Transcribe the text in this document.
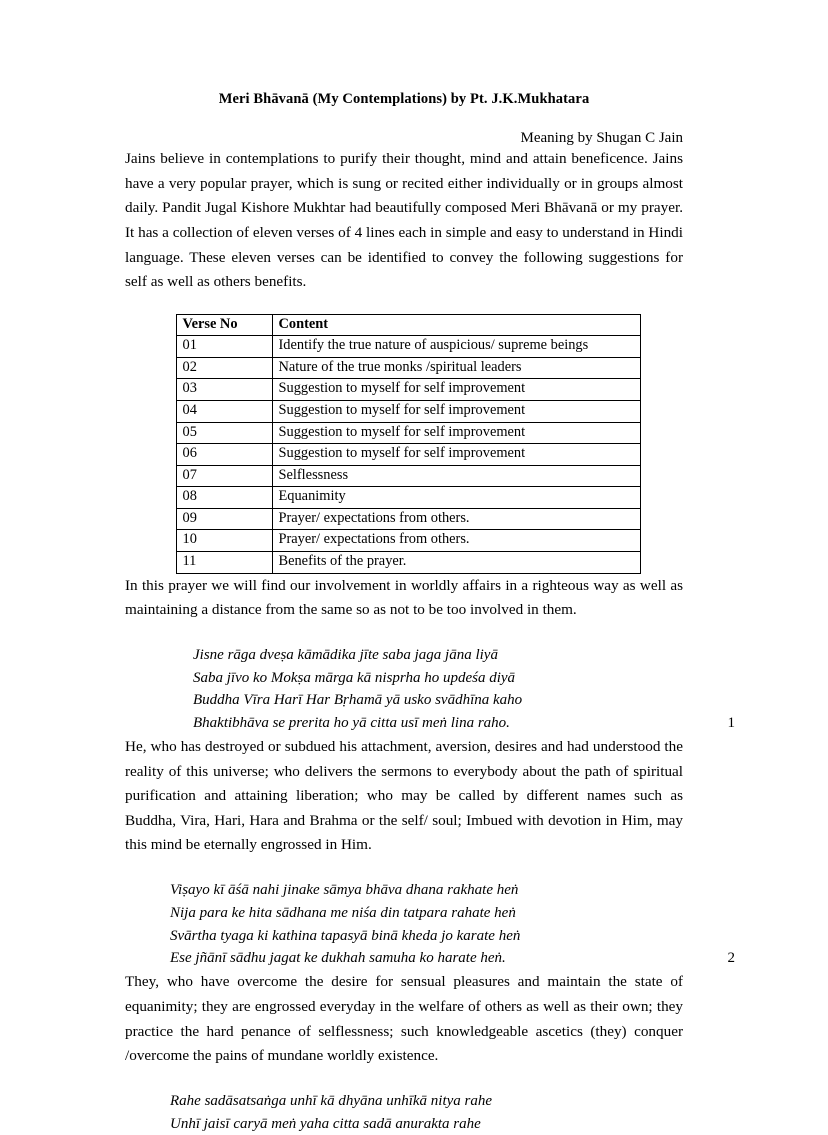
Meri Bhāvanā (My Contemplations) by Pt. J.K.Mukhatara
Meaning by Shugan C Jain

Jains believe in contemplations to purify their thought, mind and attain beneficence. Jains have a very popular prayer, which is sung or recited either individually or in groups almost daily. Pandit Jugal Kishore Mukhtar had beautifully composed Meri Bhāvanā or my prayer. It has a collection of eleven verses of 4 lines each in simple and easy to understand in Hindi language. These eleven verses can be identified to convey the following suggestions for self as well as others benefits.

Verse No	Content
01	Identify the true nature of auspicious/ supreme beings
02	Nature of the true monks /spiritual leaders
03	Suggestion to myself for self improvement
04	Suggestion to myself for self improvement
05	Suggestion to myself for self improvement
06	Suggestion to myself for self improvement
07	Selflessness
08	Equanimity
09	Prayer/ expectations from others.
10	Prayer/ expectations from others.
11	Benefits of the prayer.

In this prayer we will find our involvement in worldly affairs in a righteous way as well as maintaining a distance from the same so as not to be too involved in them.

Jisne rāga dveṣa kāmādika jīte saba jaga jāna liyā
Saba jīvo ko Mokṣa mārga kā nisprha ho updeśa diyā
Buddha Vīra Harī Har Bṛhamā yā usko svādhīna kaho
Bhaktibhāva se prerita ho yā citta usī meṅ lina raho.	1

He, who has destroyed or subdued his attachment, aversion, desires and had understood the reality of this universe; who delivers the sermons to everybody about the path of spiritual purification and attaining liberation; who may be called by different names such as Buddha, Vira, Hari, Hara and Brahma or the self/ soul; Imbued with devotion in Him, may this mind be eternally engrossed in Him.

Viṣayo kī āśā nahi jinake sāmya bhāva dhana rakhate heṅ
Nija para ke hita sādhana me niśa din tatpara rahate heṅ
Svārtha tyaga ki kathina tapasyā binā kheda jo karate heṅ
Ese jñānī sādhu jagat ke dukhah samuha ko harate heṅ.	2

They, who have overcome the desire for sensual pleasures and maintain the state of equanimity; they are engrossed everyday in the welfare of others as well as their own; they practice the hard penance of selflessness; such knowledgeable ascetics (they) conquer /overcome the pains of mundane worldly existence.

Rahe sadāsatsaṅga unhī kā dhyāna unhīkā nitya rahe
Unhī jaisī caryā meṅ yaha citta sadā anurakta rahe
